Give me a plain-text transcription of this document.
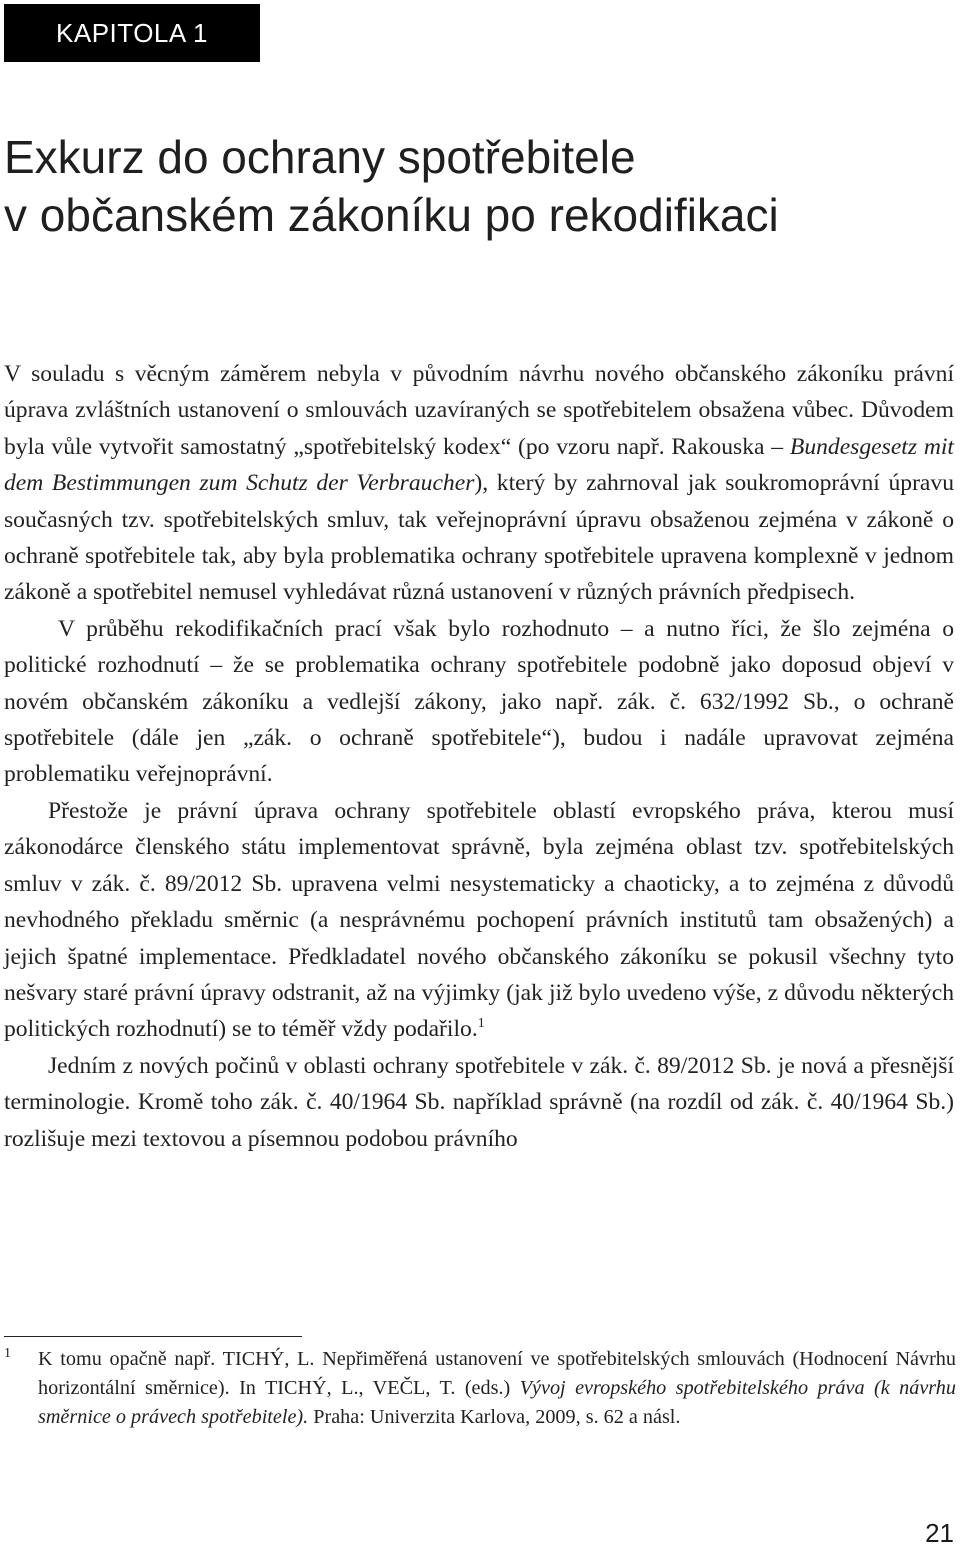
KAPITOLA 1
Exkurz do ochrany spotřebitele
v občanském zákoníku po rekodifikaci

V souladu s věcným záměrem nebyla v původním návrhu nového občanského zákoníku právní úprava zvláštních ustanovení o smlouvách uzavíraných se spotřebitelem obsažena vůbec. Důvodem byla vůle vytvořit samostatný „spotřebitelský kodex“ (po vzoru např. Rakouska – Bundesgesetz mit dem Bestimmungen zum Schutz der Verbraucher), který by zahrnoval jak soukromoprávní úpravu současných tzv. spotřebitelských smluv, tak veřejnoprávní úpravu obsaženou zejména v zákoně o ochraně spotřebitele tak, aby byla problematika ochrany spotřebitele upravena komplexně v jednom zákoně a spotřebitel nemusel vyhledávat různá ustanovení v různých právních předpisech.

V průběhu rekodifikačních prací však bylo rozhodnuto – a nutno říci, že šlo zejména o politické rozhodnutí – že se problematika ochrany spotřebitele podobně jako doposud objeví v novém občanském zákoníku a vedlejší zákony, jako např. zák. č. 632/1992 Sb., o ochraně spotřebitele (dále jen „zák. o ochraně spotřebitele“), budou i nadále upravovat zejména problematiku veřejnoprávní.

Přestože je právní úprava ochrany spotřebitele oblastí evropského práva, kterou musí zákonodárce členského státu implementovat správně, byla zejména oblast tzv. spotřebitelských smluv v zák. č. 89/2012 Sb. upravena velmi nesystematicky a chaoticky, a to zejména z důvodů nevhodného překladu směrnic (a nesprávnému pochopení právních institutů tam obsažených) a jejich špatné implementace. Předkladatel nového občanského zákoníku se pokusil všechny tyto nešvary staré právní úpravy odstranit, až na výjimky (jak již bylo uvedeno výše, z důvodu některých politických rozhodnutí) se to téměř vždy podařilo.$^1$

Jedním z nových počinů v oblasti ochrany spotřebitele v zák. č. 89/2012 Sb. je nová a přesnější terminologie. Kromě toho zák. č. 40/1964 Sb. například správně (na rozdíl od zák. č. 40/1964 Sb.) rozlišuje mezi textovou a písemnou podobou právního

1 K tomu opačně např. TICHÝ, L. Nepřiměřená ustanovení ve spotřebitelských smlouvách (Hodnocení Návrhu horizontální směrnice). In TICHÝ, L., VEČL, T. (eds.) Vývoj evropského spotřebitelského práva (k návrhu směrnice o právech spotřebitele). Praha: Univerzita Karlova, 2009, s. 62 a násl.
21
